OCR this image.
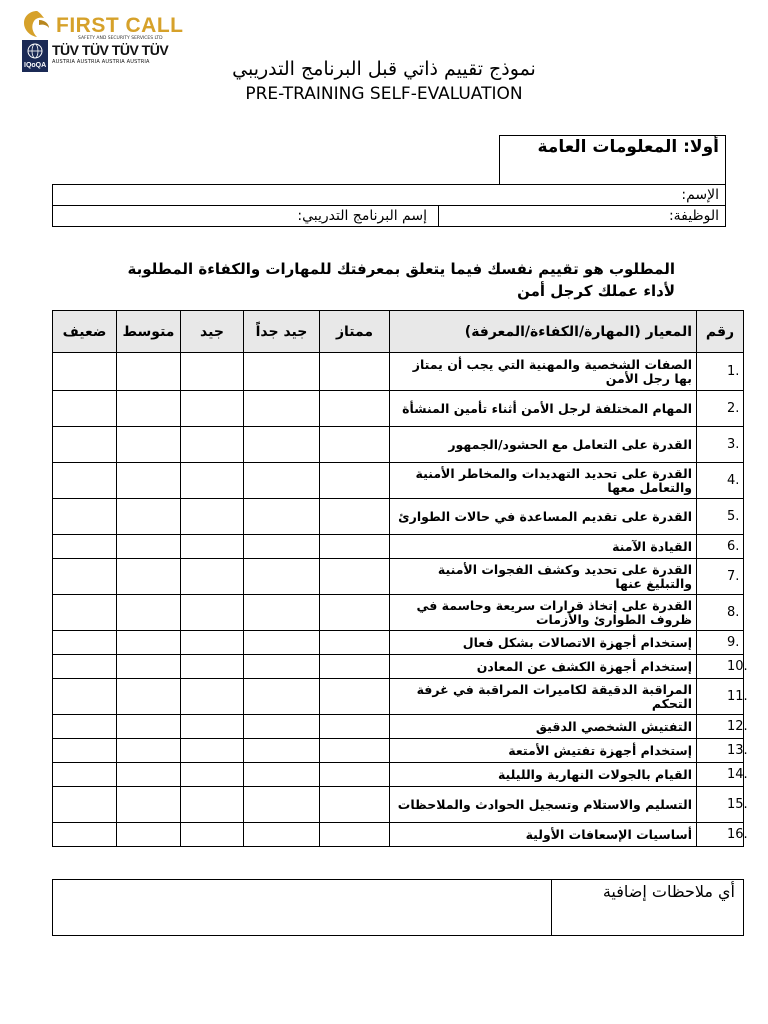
FIRST CALL
SAFETY AND SECURITY SERVICES LTD
IQoQA
TÜV TÜV TÜV TÜV
AUSTRIA AUSTRIA AUSTRIA AUSTRIA	نموذج تقييم ذاتي قبل البرنامج التدريبي
PRE-TRAINING SELF-EVALUATION
أولا: المعلومات العامة
الإسم:
الوظيفة:
إسم البرنامج التدريبي:
المطلوب هو تقييم نفسك فيما يتعلق بمعرفتك للمهارات والكفاءة المطلوبة لأداء عملك كرجل أمن
رقم	المعيار (المهارة/الكفاءة/المعرفة)	ممتاز	جيد جداً	جيد	متوسط	ضعيف
1.	الصفات الشخصية والمهنية التي يجب أن يمتاز بها رجل الأمن					
2.	المهام المختلفة لرجل الأمن أثناء تأمين المنشأة					
3.	القدرة على التعامل مع الحشود/الجمهور					
4.	القدرة على تحديد التهديدات والمخاطر الأمنية والتعامل معها					
5.	القدرة على تقديم المساعدة في حالات الطوارئ					
6.	القيادة الآمنة					
7.	القدرة على تحديد وكشف الفجوات الأمنية والتبليغ عنها					
8.	القدرة على إتخاذ قرارات سريعة وحاسمة في ظروف الطوارئ والأزمات					
9.	إستخدام أجهزة الاتصالات بشكل فعال					
10.	إستخدام أجهزة الكشف عن المعادن					
11.	المراقبة الدقيقة لكاميرات المراقبة في غرفة التحكم					
12.	التفتيش الشخصي الدقيق					
13.	إستخدام أجهزة تفتيش الأمتعة					
14.	القيام بالجولات النهارية والليلية					
15.	التسليم والاستلام وتسجيل الحوادث والملاحظات					
16.	أساسيات الإسعافات الأولية					
أي ملاحظات إضافية
